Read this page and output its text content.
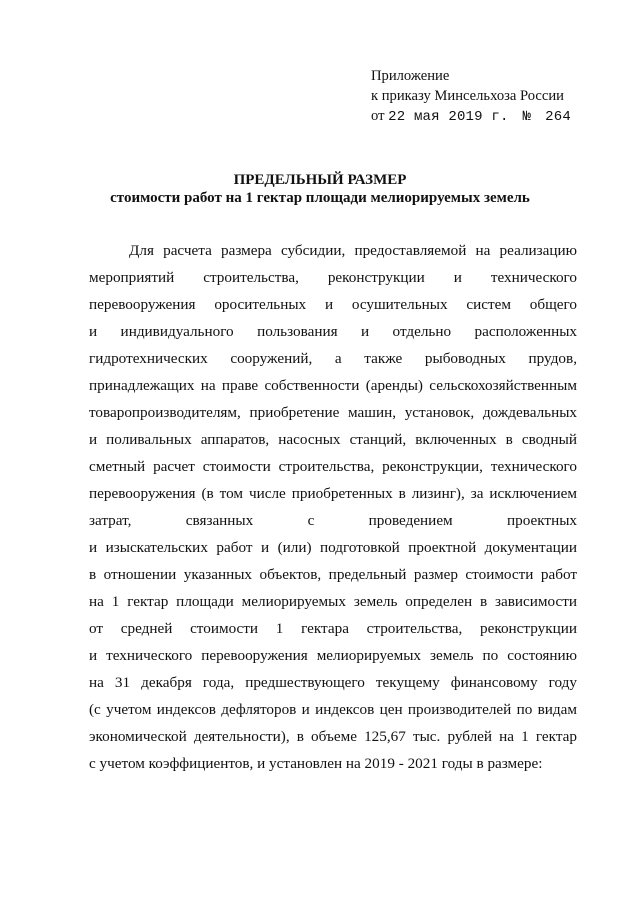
Приложение
к приказу Минсельхоза России
от 22 мая 2019 г. № 264
ПРЕДЕЛЬНЫЙ РАЗМЕР
стоимости работ на 1 гектар площади мелиорируемых земель
Для расчета размера субсидии, предоставляемой на реализацию
мероприятий строительства, реконструкции и технического
перевооружения оросительных и осушительных систем общего
и индивидуального пользования и отдельно расположенных
гидротехнических сооружений, а также рыбоводных прудов,
принадлежащих на праве собственности (аренды) сельскохозяйственным
товаропроизводителям, приобретение машин, установок, дождевальных
и поливальных аппаратов, насосных станций, включенных в сводный
сметный расчет стоимости строительства, реконструкции, технического
перевооружения (в том числе приобретенных в лизинг), за исключением
затрат, связанных с проведением проектных
и изыскательских работ и (или) подготовкой проектной документации
в отношении указанных объектов, предельный размер стоимости работ
на 1 гектар площади мелиорируемых земель определен в зависимости
от средней стоимости 1 гектара строительства, реконструкции
и технического перевооружения мелиорируемых земель по состоянию
на 31 декабря года, предшествующего текущему финансовому году
(с учетом индексов дефляторов и индексов цен производителей по видам
экономической деятельности), в объеме 125,67 тыс. рублей на 1 гектар
с учетом коэффициентов, и установлен на 2019 - 2021 годы в размере:
